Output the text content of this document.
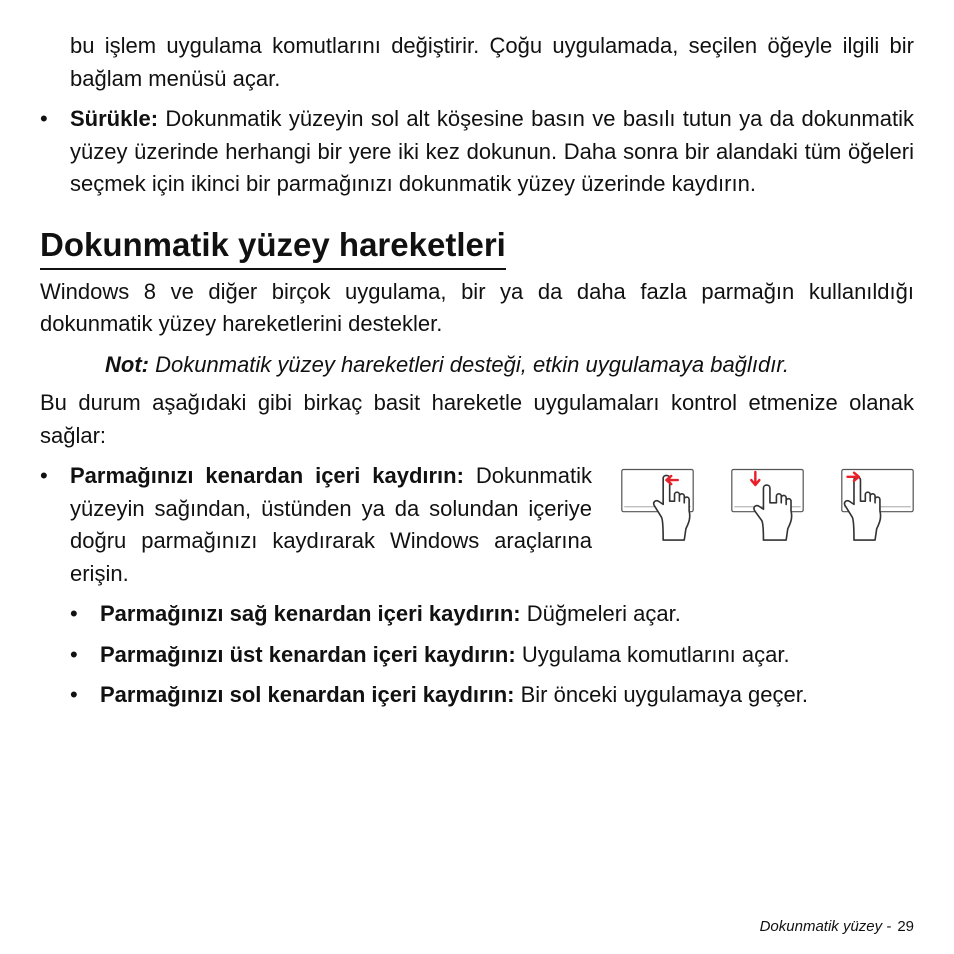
bu işlem uygulama komutlarını değiştirir. Çoğu uygulamada, seçilen öğeyle ilgili bir bağlam menüsü açar.

• Sürükle: Dokunmatik yüzeyin sol alt köşesine basın ve basılı tutun ya da dokunmatik yüzey üzerinde herhangi bir yere iki kez dokunun. Daha sonra bir alandaki tüm öğeleri seçmek için ikinci bir parmağınızı dokunmatik yüzey üzerinde kaydırın.

Dokunmatik yüzey hareketleri

Windows 8 ve diğer birçok uygulama, bir ya da daha fazla parmağın kullanıldığı dokunmatik yüzey hareketlerini destekler.

Not: Dokunmatik yüzey hareketleri desteği, etkin uygulamaya bağlıdır.

Bu durum aşağıdaki gibi birkaç basit hareketle uygulamaları kontrol etmenize olanak sağlar:

• Parmağınızı kenardan içeri kaydırın: Dokunmatik yüzeyin sağından, üstünden ya da solundan içeriye doğru parmağınızı kaydırarak Windows araçlarına erişin.

• Parmağınızı sağ kenardan içeri kaydırın: Düğmeleri açar.

• Parmağınızı üst kenardan içeri kaydırın: Uygulama komutlarını açar.

• Parmağınızı sol kenardan içeri kaydırın: Bir önceki uygulamaya geçer.

Dokunmatik yüzey - 29
